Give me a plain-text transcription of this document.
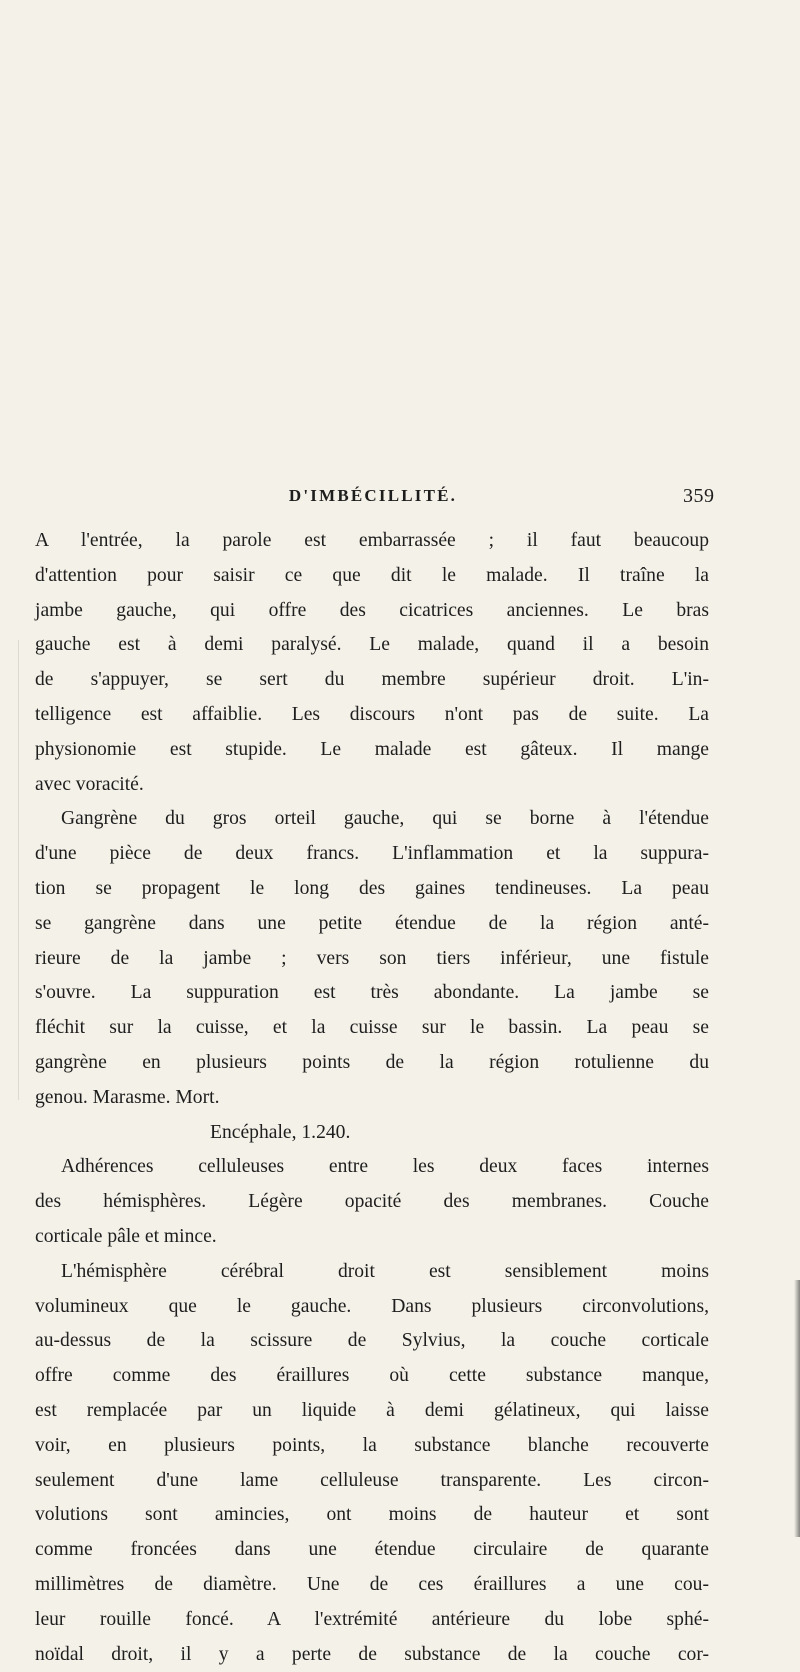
D'IMBÉCILLITÉ.	359
A l'entrée, la parole est embarrassée ; il faut beaucoup
d'attention pour saisir ce que dit le malade. Il traîne la
jambe gauche, qui offre des cicatrices anciennes. Le bras
gauche est à demi paralysé. Le malade, quand il a besoin
de s'appuyer, se sert du membre supérieur droit. L'in-
telligence est affaiblie. Les discours n'ont pas de suite. La
physionomie est stupide. Le malade est gâteux. Il mange
avec voracité.
Gangrène du gros orteil gauche, qui se borne à l'étendue
d'une pièce de deux francs. L'inflammation et la suppura-
tion se propagent le long des gaines tendineuses. La peau
se gangrène dans une petite étendue de la région anté-
rieure de la jambe ; vers son tiers inférieur, une fistule
s'ouvre. La suppuration est très abondante. La jambe se
fléchit sur la cuisse, et la cuisse sur le bassin. La peau se
gangrène en plusieurs points de la région rotulienne du
genou. Marasme. Mort.
Encéphale, 1.240.
Adhérences celluleuses entre les deux faces internes
des hémisphères. Légère opacité des membranes. Couche
corticale pâle et mince.
L'hémisphère cérébral droit est sensiblement moins
volumineux que le gauche. Dans plusieurs circonvolutions,
au-dessus de la scissure de Sylvius, la couche corticale
offre comme des éraillures où cette substance manque,
est remplacée par un liquide à demi gélatineux, qui laisse
voir, en plusieurs points, la substance blanche recouverte
seulement d'une lame celluleuse transparente. Les circon-
volutions sont amincies, ont moins de hauteur et sont
comme froncées dans une étendue circulaire de quarante
millimètres de diamètre. Une de ces éraillures a une cou-
leur rouille foncé. A l'extrémité antérieure du lobe sphé-
noïdal droit, il y a perte de substance de la couche cor-
